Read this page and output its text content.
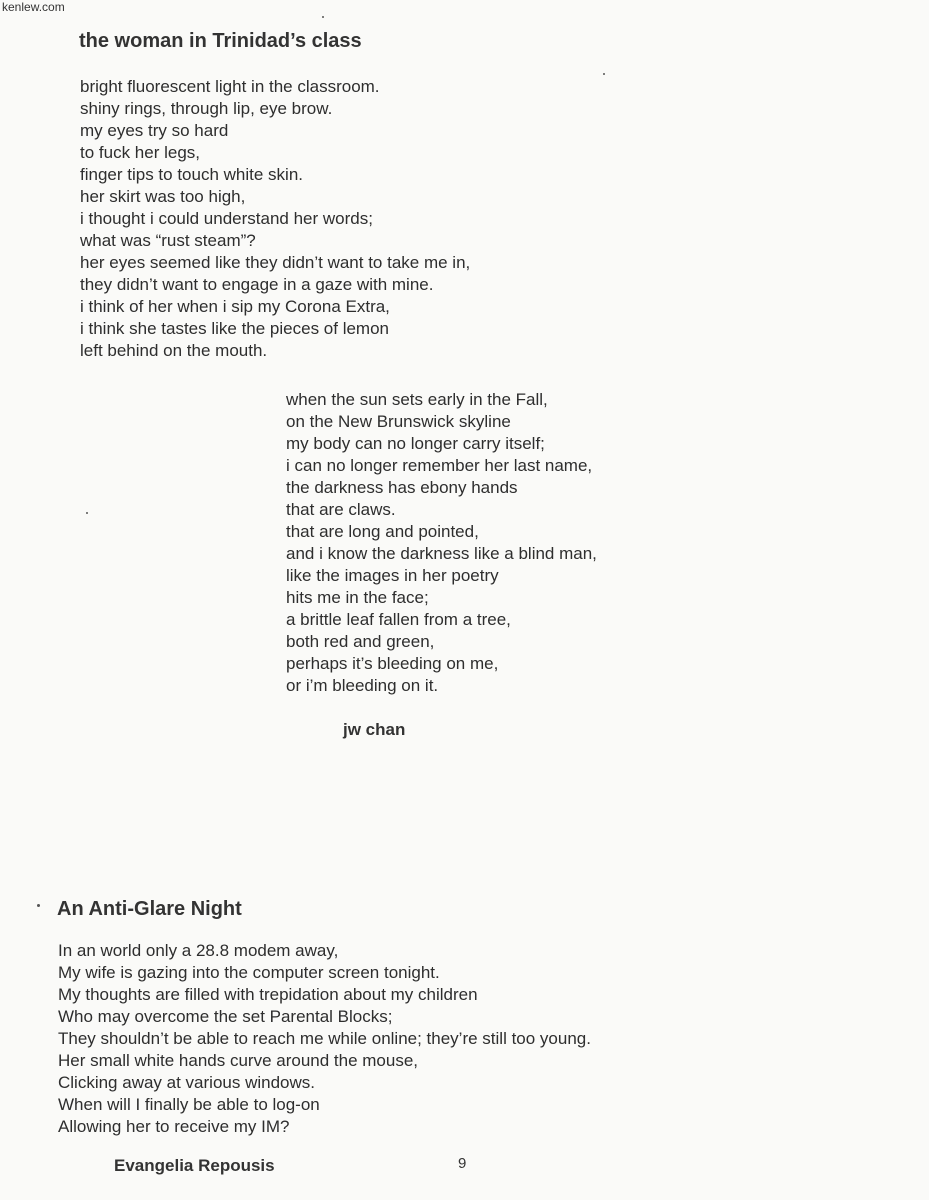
kenlew.com
the woman in Trinidad’s class
bright fluorescent light in the classroom.
shiny rings, through lip, eye brow.
my eyes try so hard
to fuck her legs,
finger tips to touch white skin.
her skirt was too high,
i thought i could understand her words;
what was “rust steam”?
her eyes seemed like they didn’t want to take me in,
they didn’t want to engage in a gaze with mine.
i think of her when i sip my Corona Extra,
i think she tastes like the pieces of lemon
left behind on the mouth.
when the sun sets early in the Fall,
on the New Brunswick skyline
my body can no longer carry itself;
i can no longer remember her last name,
the darkness has ebony hands
that are claws.
that are long and pointed,
and i know the darkness like a blind man,
like the images in her poetry
hits me in the face;
a brittle leaf fallen from a tree,
both red and green,
perhaps it’s bleeding on me,
or i’m bleeding on it.
jw chan
An Anti-Glare Night
In an world only a 28.8 modem away,
My wife is gazing into the computer screen tonight.
My thoughts are filled with trepidation about my children
Who may overcome the set Parental Blocks;
They shouldn’t be able to reach me while online; they’re still too young.
Her small white hands curve around the mouse,
Clicking away at various windows.
When will I finally be able to log-on
Allowing her to receive my IM?
Evangelia Repousis	9
